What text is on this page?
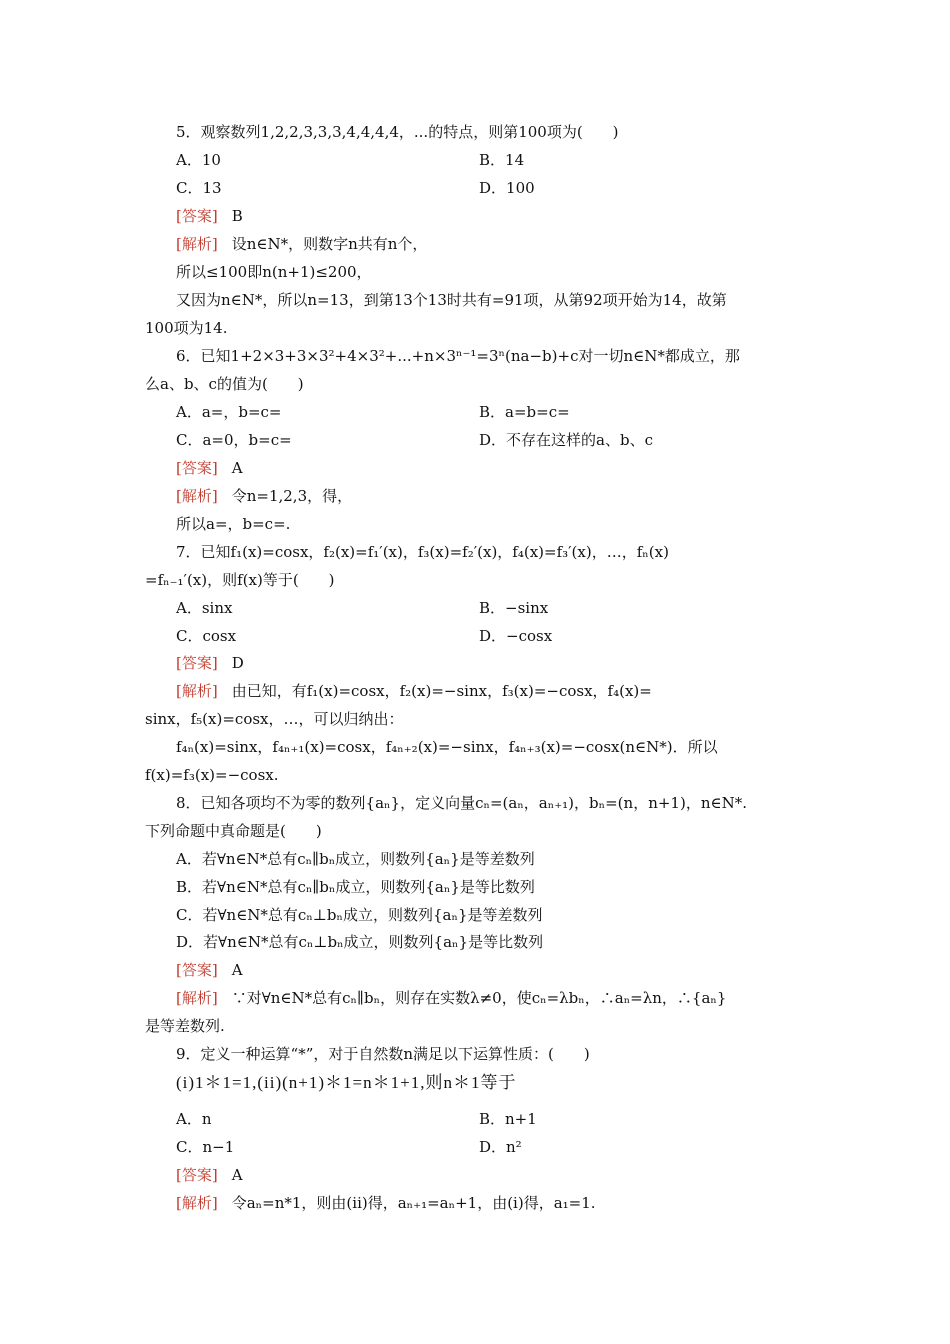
5．观察数列1,2,2,3,3,3,4,4,4,4，...的特点，则第100项为(　　)
A．10	B．14
C．13	D．100
[答案] B
[解析] 设n∈N*，则数字n共有n个，
所以≤100即n(n+1)≤200，
又因为n∈N*，所以n=13，到第13个13时共有=91项，从第92项开始为14，故第
100项为14.
6．已知1+2×3+3×3²+4×3²+...+n×3ⁿ⁻¹=3ⁿ(na−b)+c对一切n∈N*都成立，那
么a、b、c的值为(　　)
A．a=，b=c=	B．a=b=c=
C．a=0，b=c=	D．不存在这样的a、b、c
[答案] A
[解析] 令n=1,2,3，得，
所以a=，b=c=.
7．已知f₁(x)=cosx，f₂(x)=f₁′(x)，f₃(x)=f₂′(x)，f₄(x)=f₃′(x)，…，fₙ(x)
=fₙ₋₁′(x)，则f(x)等于(　　)
A．sinx	B．−sinx
C．cosx	D．−cosx
[答案] D
[解析] 由已知，有f₁(x)=cosx，f₂(x)=−sinx，f₃(x)=−cosx，f₄(x)=
sinx，f₅(x)=cosx，…，可以归纳出：
f₄ₙ(x)=sinx，f₄ₙ₊₁(x)=cosx，f₄ₙ₊₂(x)=−sinx，f₄ₙ₊₃(x)=−cosx(n∈N*)．所以
f(x)=f₃(x)=−cosx.
8．已知各项均不为零的数列{aₙ}，定义向量cₙ=(aₙ，aₙ₊₁)，bₙ=(n，n+1)，n∈N*.
下列命题中真命题是(　　)
A．若∀n∈N*总有cₙ∥bₙ成立，则数列{aₙ}是等差数列
B．若∀n∈N*总有cₙ∥bₙ成立，则数列{aₙ}是等比数列
C．若∀n∈N*总有cₙ⊥bₙ成立，则数列{aₙ}是等差数列
D．若∀n∈N*总有cₙ⊥bₙ成立，则数列{aₙ}是等比数列
[答案] A
[解析] ∵对∀n∈N*总有cₙ∥bₙ，则存在实数λ≠0，使cₙ=λbₙ，∴aₙ=λn，∴{aₙ}
是等差数列.
9．定义一种运算“*”，对于自然数n满足以下运算性质：(　　)
(i)1＊1=1,(ii)(n+1)＊1=n＊1+1,则n＊1等于
A．n	B．n+1
C．n−1	D．n²
[答案] A
[解析] 令aₙ=n*1，则由(ii)得，aₙ₊₁=aₙ+1，由(i)得，a₁=1.
